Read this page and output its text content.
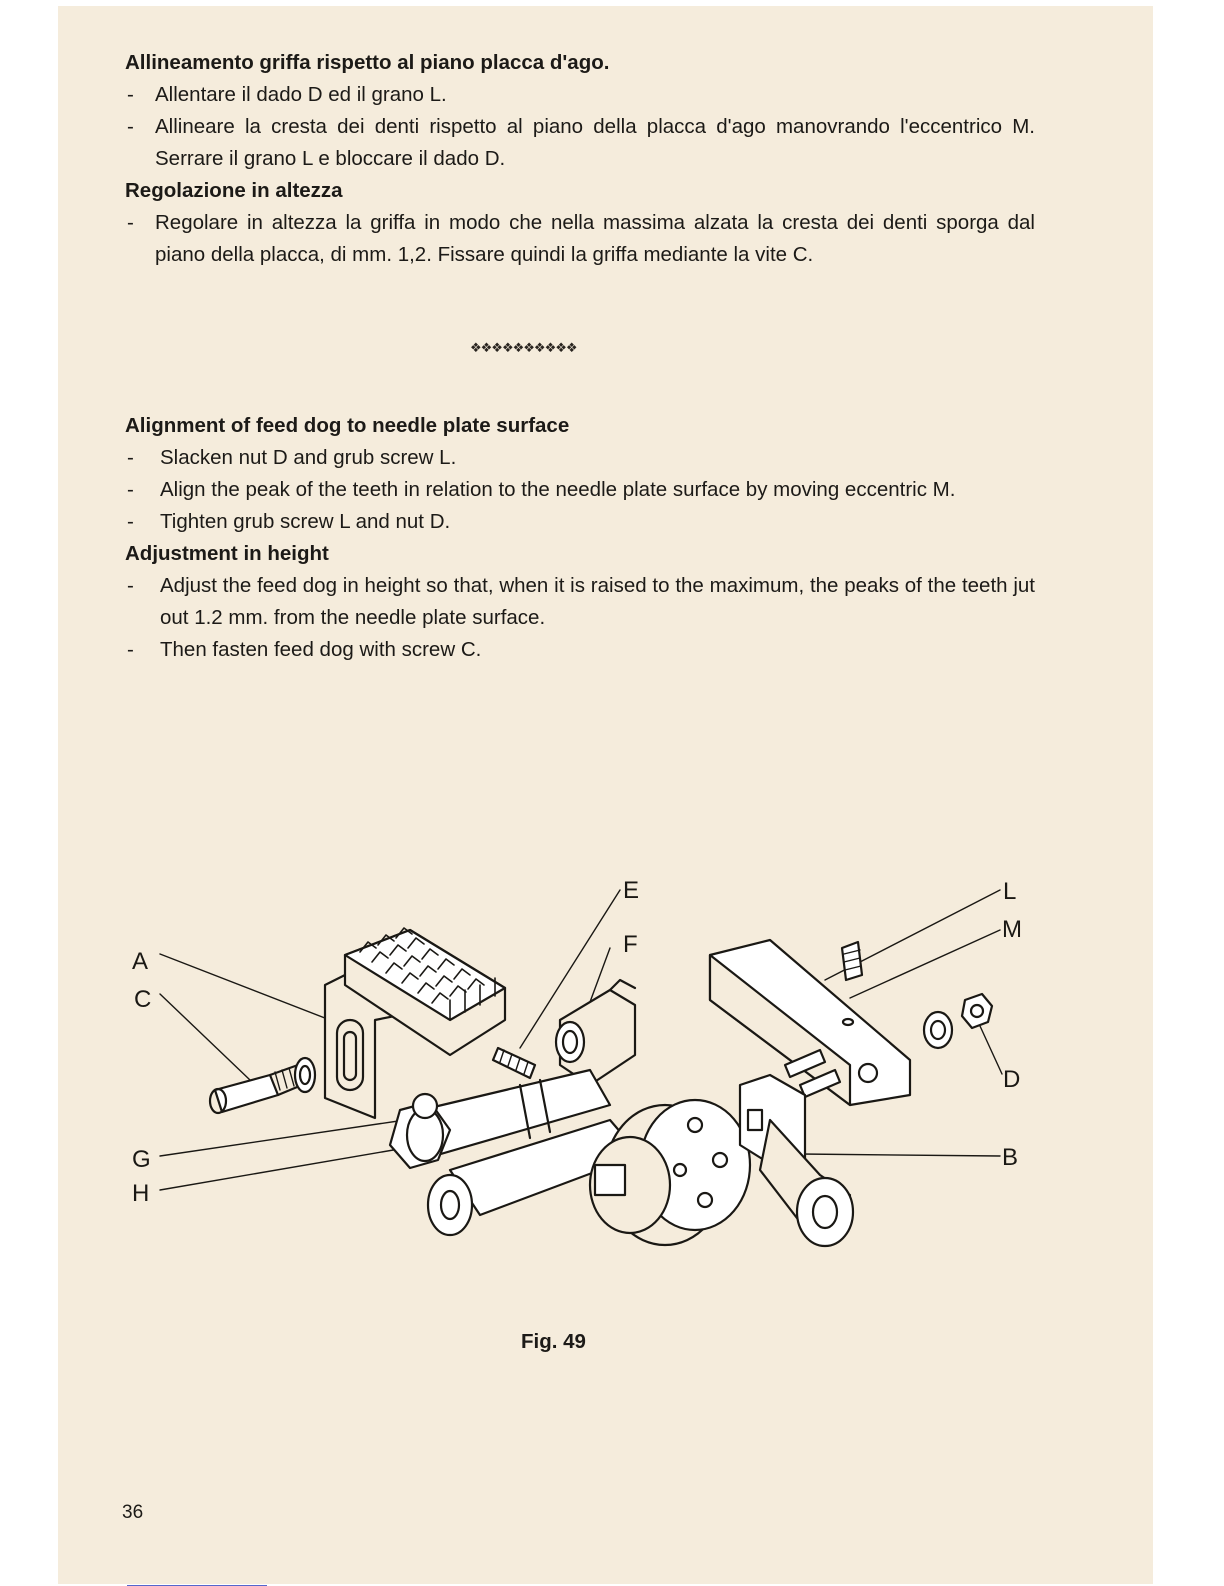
Allineamento griffa rispetto al piano placca d'ago.

- Allentare il dado D ed il grano L.
- Allineare la cresta dei denti rispetto al piano della placca d'ago manovrando l'eccentrico M. Serrare il grano L e bloccare il dado D.

Regolazione in altezza

- Regolare in altezza la griffa in modo che nella massima alzata la cresta dei denti sporga dal piano della placca, di mm. 1,2. Fissare quindi la griffa mediante la vite C.
❖❖❖❖❖❖❖❖❖❖

Alignment of feed dog to needle plate surface

- Slacken nut D and grub screw L.
- Align the peak of the teeth in relation to the needle plate surface by moving eccentric M.
- Tighten grub screw L and nut D.

Adjustment in height

- Adjust the feed dog in height so that, when it is raised to the maximum, the peaks of the teeth jut out 1.2 mm. from the needle plate surface.
- Then fasten feed dog with screw C.
A
C
G
H
E
F
L
M
D
B
Fig. 49
36
